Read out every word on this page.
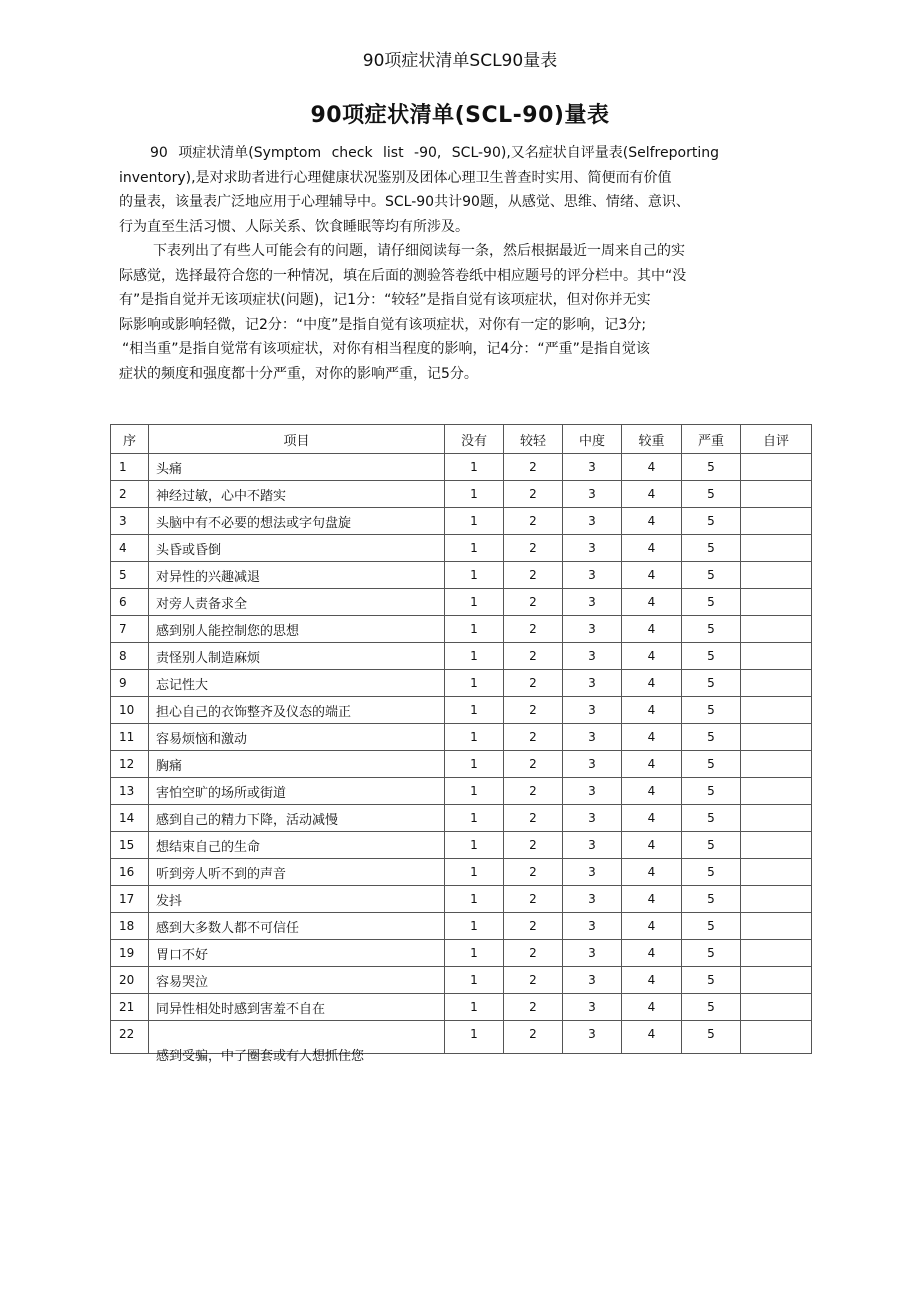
90项症状清单SCL90量表
90项症状清单(SCL-90)量表

90 项症状清单(Symptom check list -90, SCL-90),又名症状自评量表(Selfreporting

inventory),是对求助者进行心理健康状况鉴别及团体心理卫生普查时实用、简便而有价值

的量表，该量表广泛地应用于心理辅导中。SCL-90共计90题，从感觉、思维、情绪、意识、

行为直至生活习惯、人际关系、饮食睡眠等均有所涉及。

下表列出了有些人可能会有的问题，请仔细阅读每一条，然后根据最近一周来自己的实

际感觉，选择最符合您的一种情况，填在后面的测验答卷纸中相应题号的评分栏中。其中“没

有”是指自觉并无该项症状(问题)，记1分：“较轻”是指自觉有该项症状，但对你并无实

际影响或影响轻微，记2分：“中度”是指自觉有该项症状，对你有一定的影响，记3分;

“相当重”是指自觉常有该项症状，对你有相当程度的影响，记4分：“严重”是指自觉该

症状的频度和强度都十分严重，对你的影响严重，记5分。

序	项目	没有	较轻	中度	较重	严重	自评
1	头痛	1	2	3	4	5	
2	神经过敏，心中不踏实	1	2	3	4	5	
3	头脑中有不必要的想法或字句盘旋	1	2	3	4	5	
4	头昏或昏倒	1	2	3	4	5	
5	对异性的兴趣减退	1	2	3	4	5	
6	对旁人责备求全	1	2	3	4	5	
7	感到别人能控制您的思想	1	2	3	4	5	
8	责怪别人制造麻烦	1	2	3	4	5	
9	忘记性大	1	2	3	4	5	
10	担心自己的衣饰整齐及仪态的端正	1	2	3	4	5	
11	容易烦恼和激动	1	2	3	4	5	
12	胸痛	1	2	3	4	5	
13	害怕空旷的场所或街道	1	2	3	4	5	
14	感到自己的精力下降，活动减慢	1	2	3	4	5	
15	想结束自己的生命	1	2	3	4	5	
16	听到旁人听不到的声音	1	2	3	4	5	
17	发抖	1	2	3	4	5	
18	感到大多数人都不可信任	1	2	3	4	5	
19	胃口不好	1	2	3	4	5	
20	容易哭泣	1	2	3	4	5	
21	同异性相处时感到害羞不自在	1	2	3	4	5	
22	感到受骗，中了圈套或有人想抓住您	1	2	3	4	5	
